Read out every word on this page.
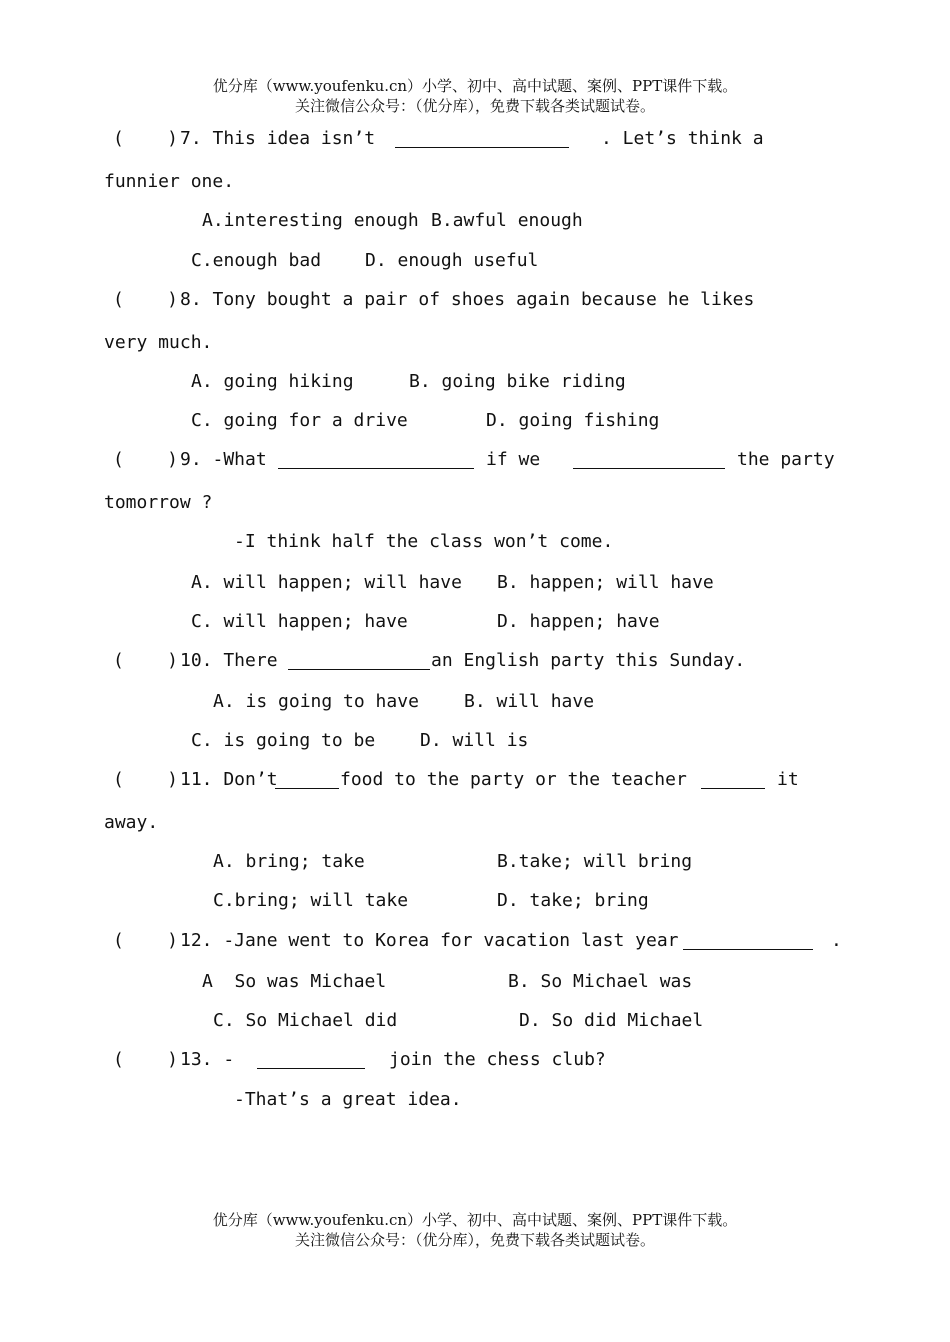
优分库（www.youfenku.cn）小学、初中、高中试题、案例、PPT课件下载。
关注微信公众号：（优分库），免费下载各类试题试卷。
(    ) 7. This idea isn’t	. Let’s think a
funnier one.
A.interesting enough B.awful enough
C.enough bad D. enough useful
(    ) 8. Tony bought a pair of shoes again because he likes
very much.
A. going hiking	B. going bike riding
C. going for a drive	D. going fishing
(    ) 9. -What	if we	the party
tomorrow ?
-I think half the class won’t come.
A. will happen; will have B. happen; will have
C. will happen; have	D. happen; have
(    ) 10. There	an English party this Sunday.
A. is going to have	B. will have
C. is going to be D. will is
(    ) 11. Don’t	food to the party or the teacher	it
away.
A. bring; take	B.take; will bring
C.bring; will take	D. take; bring
(    ) 12. -Jane went to Korea for vacation last year	.
A  So was Michael	B. So Michael was
C. So Michael did	D. So did Michael
(    ) 13. -	join the chess club?
-That’s a great idea.
优分库（www.youfenku.cn）小学、初中、高中试题、案例、PPT课件下载。
关注微信公众号：（优分库），免费下载各类试题试卷。
